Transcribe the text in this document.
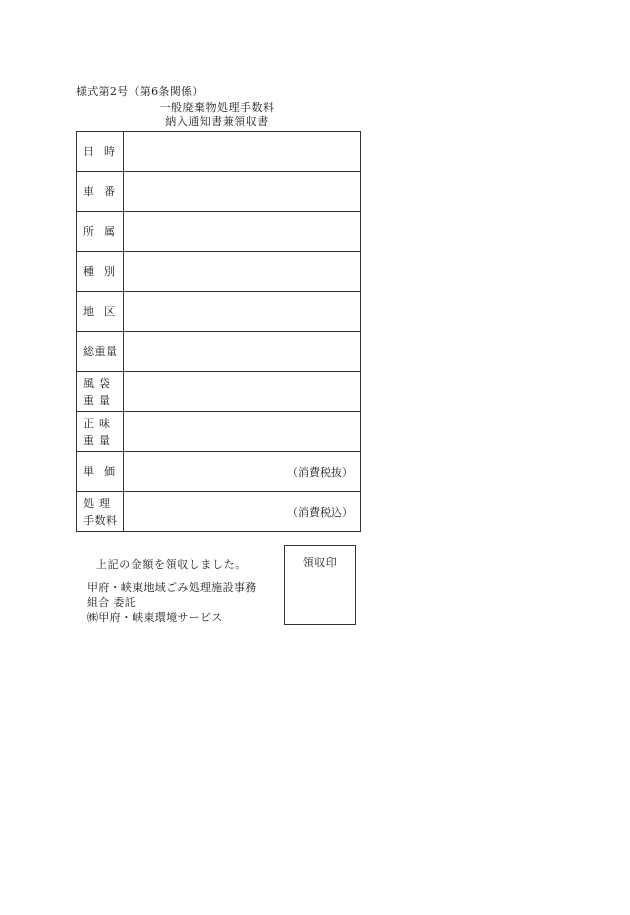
様式第2号（第6条関係）
一般廃棄物処理手数料
納入通知書兼領収書
日 時	

車 番	

所 属	

種 別	

地 区	

総重量	

風 袋
重 量	

正 味
重 量	

単 価	（消費税抜）

処 理
手数料	（消費税込）
上記の金額を領収しました。
甲府・峡東地域ごみ処理施設事務
組合 委託
㈱甲府・峡東環境サービス
領収印
